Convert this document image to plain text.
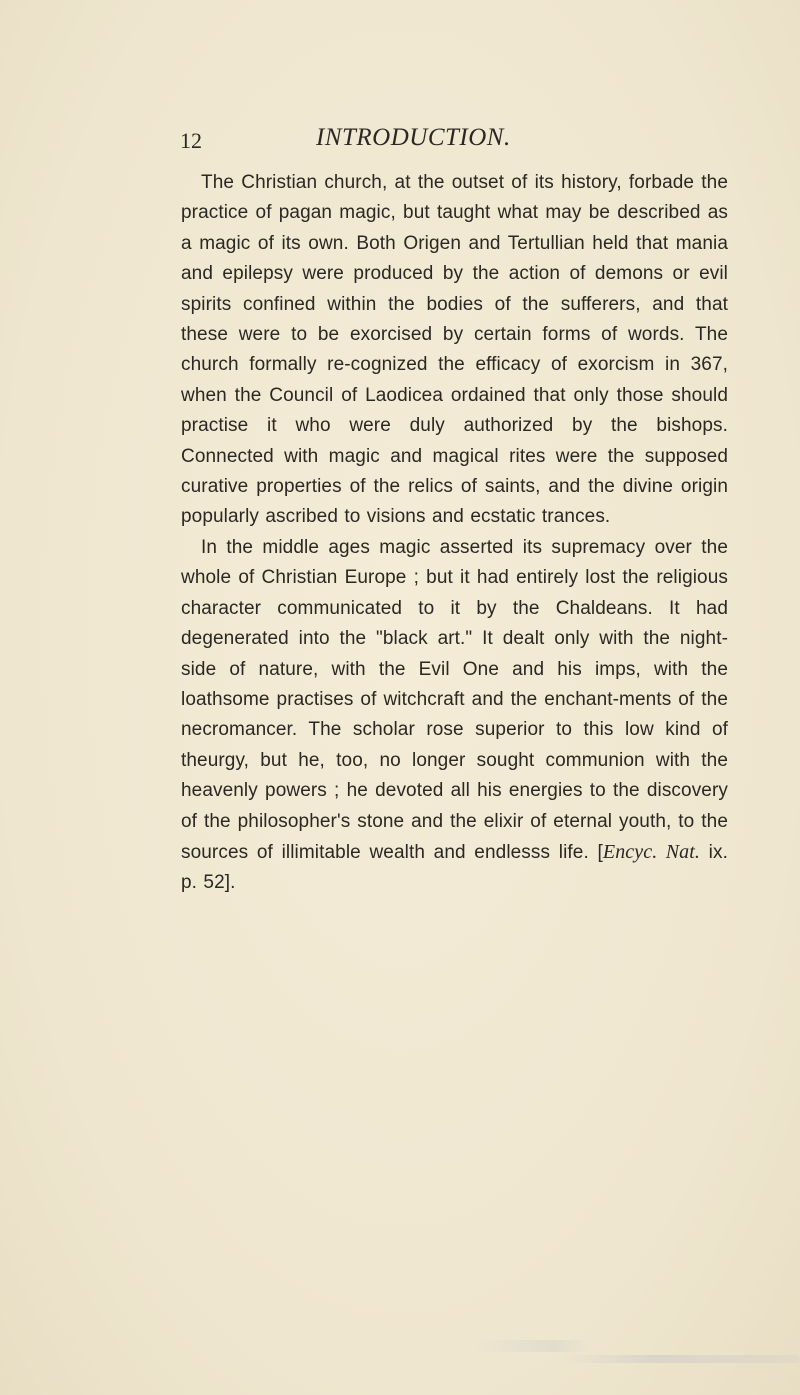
12	INTRODUCTION.

The Christian church, at the outset of its history, forbade the practice of pagan magic, but taught what may be described as a magic of its own. Both Origen and Tertullian held that mania and epilepsy were produced by the action of demons or evil spirits confined within the bodies of the sufferers, and that these were to be exorcised by certain forms of words. The church formally re-cognized the efficacy of exorcism in 367, when the Council of Laodicea ordained that only those should practise it who were duly authorized by the bishops. Connected with magic and magical rites were the supposed curative properties of the relics of saints, and the divine origin popularly ascribed to visions and ecstatic trances.

In the middle ages magic asserted its supremacy over the whole of Christian Europe ; but it had entirely lost the religious character communicated to it by the Chaldeans. It had degenerated into the "black art." It dealt only with the night-side of nature, with the Evil One and his imps, with the loathsome practises of witchcraft and the enchant-ments of the necromancer. The scholar rose superior to this low kind of theurgy, but he, too, no longer sought communion with the heavenly powers ; he devoted all his energies to the discovery of the philosopher's stone and the elixir of eternal youth, to the sources of illimitable wealth and endlesss life. [Encyc. Nat. ix. p. 52].
